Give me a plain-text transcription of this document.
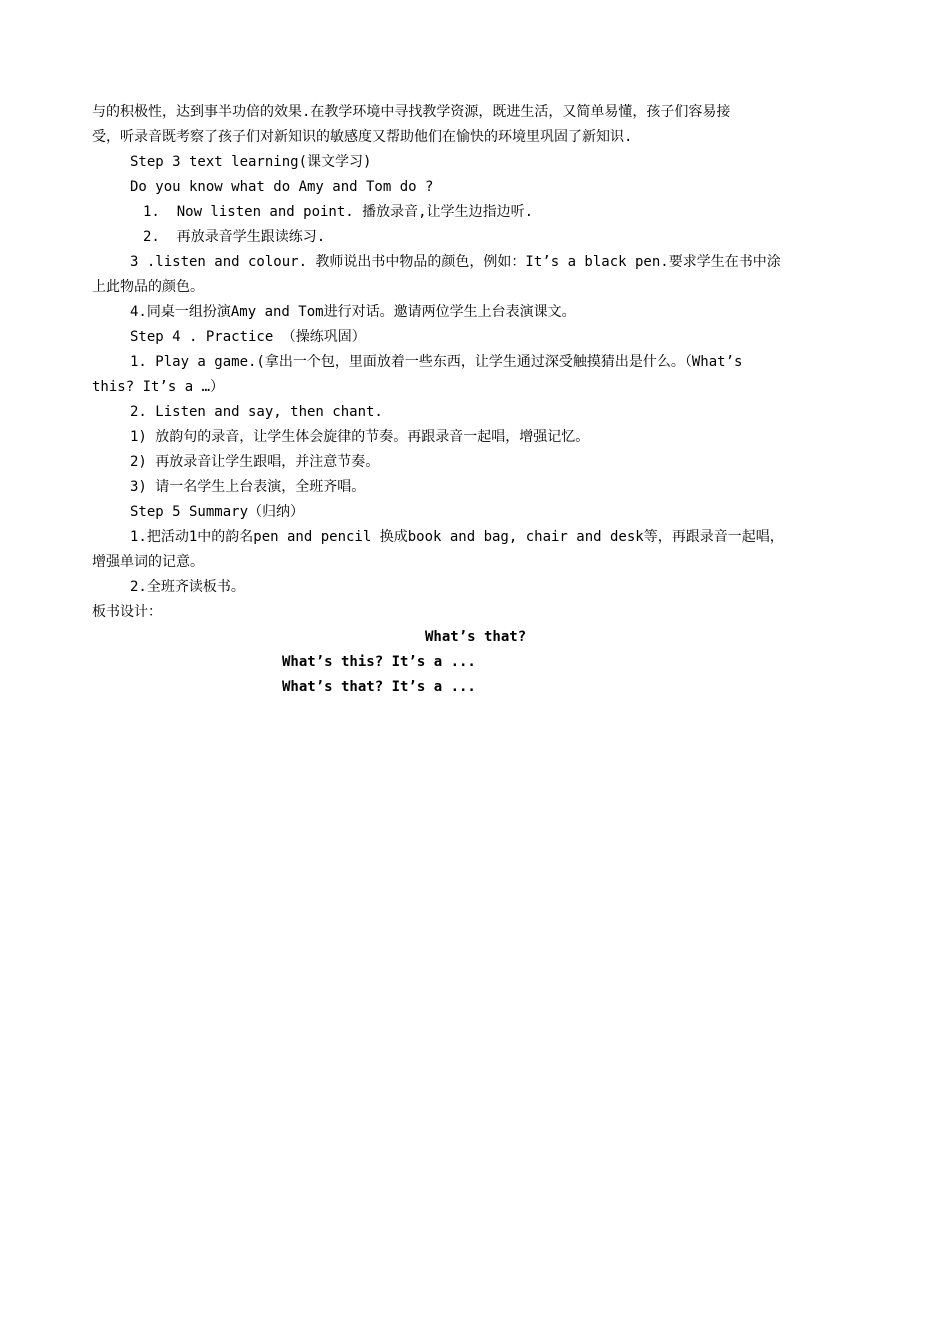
与的积极性，达到事半功倍的效果.在教学环境中寻找教学资源，既进生活，又简单易懂，孩子们容易接
受，听录音既考察了孩子们对新知识的敏感度又帮助他们在愉快的环境里巩固了新知识.
Step 3 text learning(课文学习)
Do you know what do Amy and Tom do ?
1.  Now listen and point. 播放录音,让学生边指边听.
2.  再放录音学生跟读练习.
3 .listen and colour. 教师说出书中物品的颜色，例如：It’s a black pen.要求学生在书中涂
上此物品的颜色。
4.同桌一组扮演Amy and Tom进行对话。邀请两位学生上台表演课文。
Step 4 . Practice （操练巩固）
1. Play a game.(拿出一个包，里面放着一些东西，让学生通过深受触摸猜出是什么。（What’s
this? It’s a …）
2. Listen and say, then chant.
1) 放韵句的录音，让学生体会旋律的节奏。再跟录音一起唱，增强记忆。
2) 再放录音让学生跟唱，并注意节奏。
3) 请一名学生上台表演，全班齐唱。
Step 5 Summary（归纳）
1.把活动1中的韵名pen and pencil 换成book and bag, chair and desk等，再跟录音一起唱，
增强单词的记意。
2.全班齐读板书。
板书设计：
What’s that?
What’s this? It’s a ...
What’s that? It’s a ...
